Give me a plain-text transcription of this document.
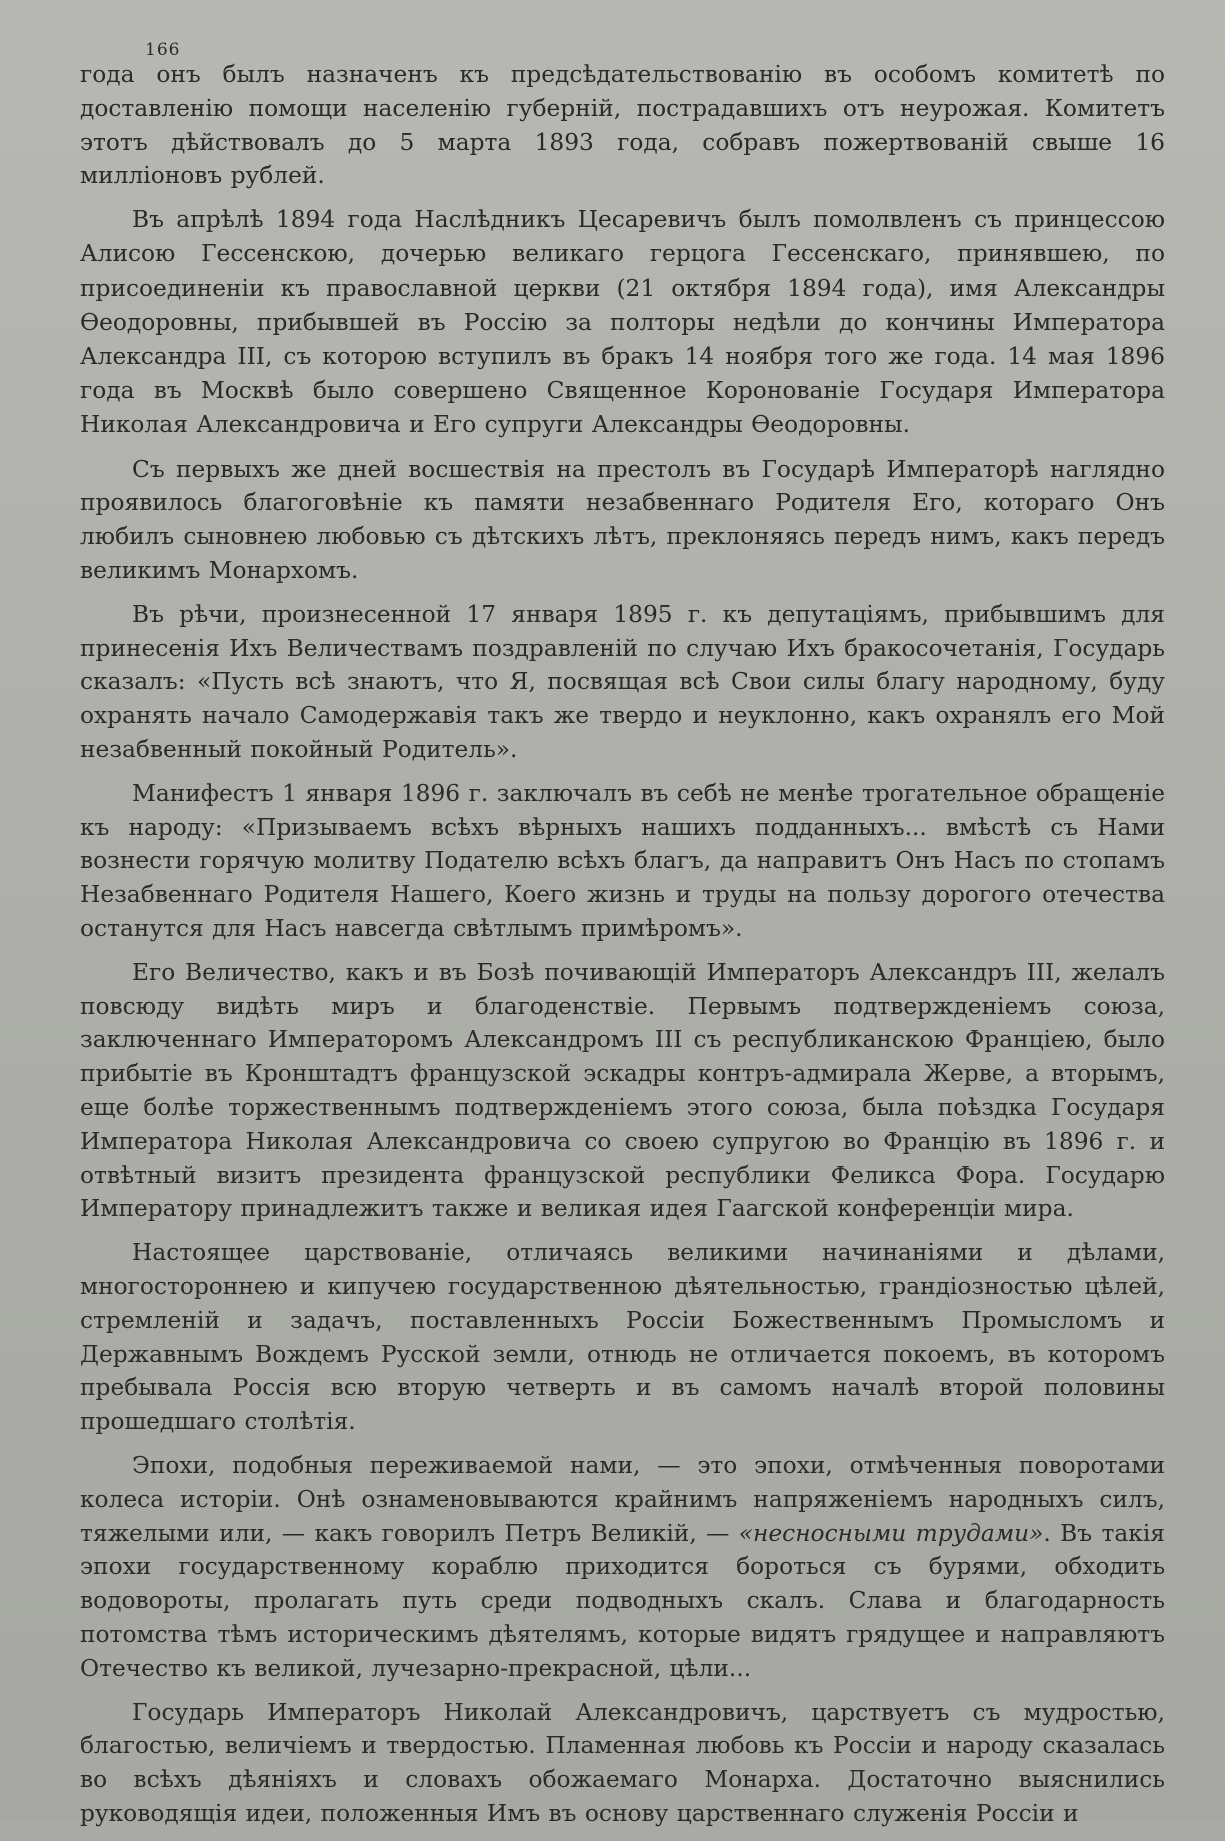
166

года онъ былъ назначенъ къ предсѣдательствованію въ особомъ комитетѣ по доставленію помощи населенію губерній, пострадавшихъ отъ неурожая. Комитетъ этотъ дѣйствовалъ до 5 марта 1893 года, собравъ пожертвованій свыше 16 милліоновъ рублей.

Въ апрѣлѣ 1894 года Наслѣдникъ Цесаревичъ былъ помолвленъ съ принцессою Алисою Гессенскою, дочерью великаго герцога Гессенскаго, принявшею, по присоединеніи къ православной церкви (21 октября 1894 года), имя Александры Ѳеодоровны, прибывшей въ Россію за полторы недѣли до кончины Императора Александра III, съ которою вступилъ въ бракъ 14 ноября того же года. 14 мая 1896 года въ Москвѣ было совершено Священное Коронованіе Государя Императора Николая Александровича и Его супруги Александры Ѳеодоровны.

Съ первыхъ же дней восшествія на престолъ въ Государѣ Императорѣ наглядно проявилось благоговѣніе къ памяти незабвеннаго Родителя Его, котораго Онъ любилъ сыновнею любовью съ дѣтскихъ лѣтъ, преклоняясь передъ нимъ, какъ передъ великимъ Монархомъ.

Въ рѣчи, произнесенной 17 января 1895 г. къ депутаціямъ, прибывшимъ для принесенія Ихъ Величествамъ поздравленій по случаю Ихъ бракосочетанія, Государь сказалъ: «Пусть всѣ знаютъ, что Я, посвящая всѣ Свои силы благу народному, буду охранять начало Самодержавія такъ же твердо и неуклонно, какъ охранялъ его Мой незабвенный покойный Родитель».

Манифестъ 1 января 1896 г. заключалъ въ себѣ не менѣе трогательное обращеніе къ народу: «Призываемъ всѣхъ вѣрныхъ нашихъ подданныхъ... вмѣстѣ съ Нами вознести горячую молитву Подателю всѣхъ благъ, да направитъ Онъ Насъ по стопамъ Незабвеннаго Родителя Нашего, Коего жизнь и труды на пользу дорогого отечества останутся для Насъ навсегда свѣтлымъ примѣромъ».

Его Величество, какъ и въ Бозѣ почивающій Императоръ Александръ III, желалъ повсюду видѣть миръ и благоденствіе. Первымъ подтвержденіемъ союза, заключеннаго Императоромъ Александромъ III съ республиканскою Франціею, было прибытіе въ Кронштадтъ французской эскадры контръ-адмирала Жерве, а вторымъ, еще болѣе торжественнымъ подтвержденіемъ этого союза, была поѣздка Государя Императора Николая Александровича со своею супругою во Францію въ 1896 г. и отвѣтный визитъ президента французской республики Феликса Фора. Государю Императору принадлежитъ также и великая идея Гаагской конференціи мира.

Настоящее царствованіе, отличаясь великими начинаніями и дѣлами, многостороннею и кипучею государственною дѣятельностью, грандіозностью цѣлей, стремленій и задачъ, поставленныхъ Россіи Божественнымъ Промысломъ и Державнымъ Вождемъ Русской земли, отнюдь не отличается покоемъ, въ которомъ пребывала Россія всю вторую четверть и въ самомъ началѣ второй половины прошедшаго столѣтія.

Эпохи, подобныя переживаемой нами, — это эпохи, отмѣченныя поворотами колеса исторіи. Онѣ ознаменовываются крайнимъ напряженіемъ народныхъ силъ, тяжелыми или, — какъ говорилъ Петръ Великій, — «несносными трудами». Въ такія эпохи государственному кораблю приходится бороться съ бурями, обходить водовороты, пролагать путь среди подводныхъ скалъ. Слава и благодарность потомства тѣмъ историческимъ дѣятелямъ, которые видятъ грядущее и направляютъ Отечество къ великой, лучезарно-прекрасной, цѣли...

Государь Императоръ Николай Александровичъ, царствуетъ съ мудростью, благостью, величіемъ и твердостью. Пламенная любовь къ Россіи и народу сказалась во всѣхъ дѣяніяхъ и словахъ обожаемаго Монарха. Достаточно выяснились руководящія идеи, положенныя Имъ въ основу царственнаго служенія Россіи и
